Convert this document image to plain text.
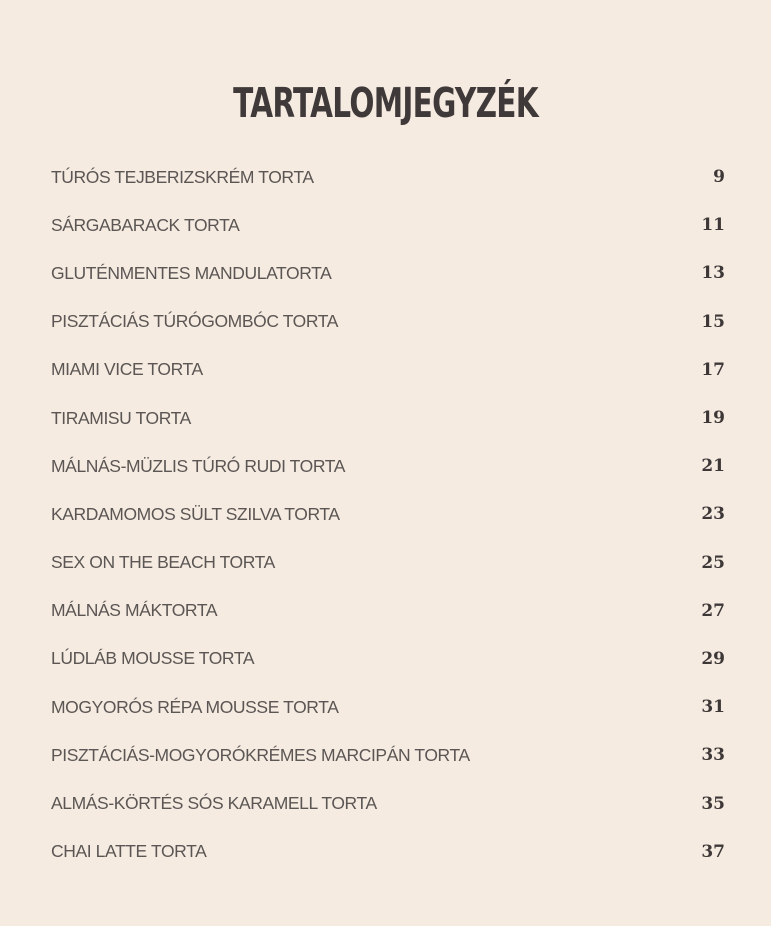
TARTALOMJEGYZÉK
TÚRÓS TEJBERIZSKRÉM TORTA	9
SÁRGABARACK TORTA	11
GLUTÉNMENTES MANDULATORTA	13
PISZTÁCIÁS TÚRÓGOMBÓC TORTA	15
MIAMI VICE TORTA	17
TIRAMISU TORTA	19
MÁLNÁS-MÜZLIS TÚRÓ RUDI TORTA	21
KARDAMOMOS SÜLT SZILVA TORTA	23
SEX ON THE BEACH TORTA	25
MÁLNÁS MÁKTORTA	27
LÚDLÁB MOUSSE TORTA	29
MOGYORÓS RÉPA MOUSSE TORTA	31
PISZTÁCIÁS-MOGYORÓKRÉMES MARCIPÁN TORTA	33
ALMÁS-KÖRTÉS SÓS KARAMELL TORTA	35
CHAI LATTE TORTA	37
